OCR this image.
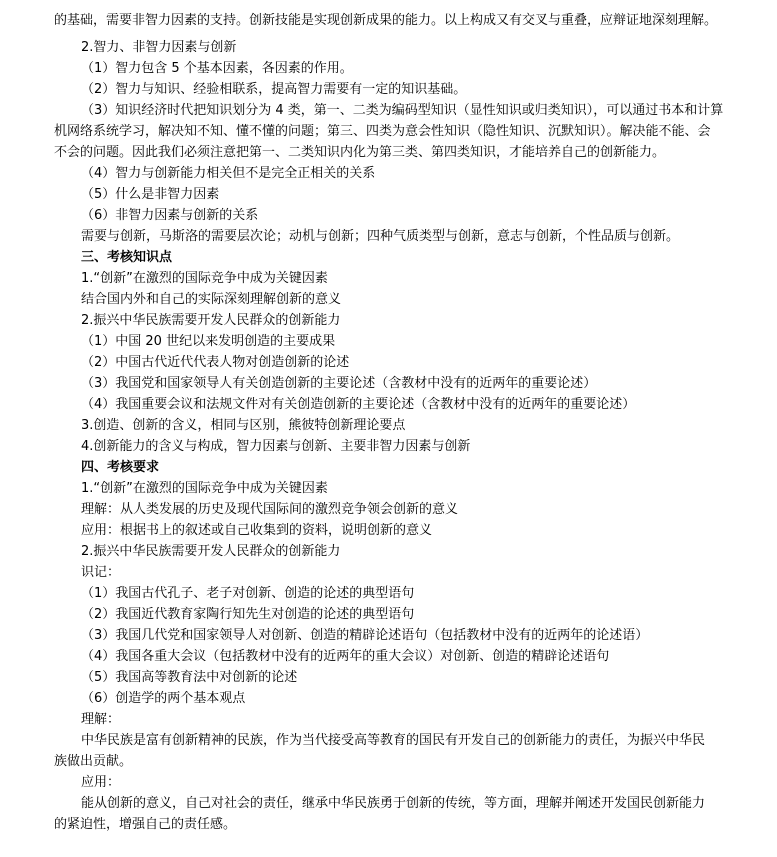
的基础，需要非智力因素的支持。创新技能是实现创新成果的能力。以上构成又有交叉与重叠，应辩证地深刻理解。

2.智力、非智力因素与创新

（1）智力包含 5 个基本因素，各因素的作用。

（2）智力与知识、经验相联系，提高智力需要有一定的知识基础。

（3）知识经济时代把知识划分为 4 类，第一、二类为编码型知识（显性知识或归类知识），可以通过书本和计算

机网络系统学习，解决知不知、懂不懂的问题；第三、四类为意会性知识（隐性知识、沉默知识）。解决能不能、会

不会的问题。因此我们必须注意把第一、二类知识内化为第三类、第四类知识，才能培养自己的创新能力。

（4）智力与创新能力相关但不是完全正相关的关系

（5）什么是非智力因素

（6）非智力因素与创新的关系

需要与创新，马斯洛的需要层次论；动机与创新；四种气质类型与创新，意志与创新，个性品质与创新。

三、考核知识点

1.“创新”在激烈的国际竞争中成为关键因素

结合国内外和自己的实际深刻理解创新的意义

2.振兴中华民族需要开发人民群众的创新能力

（1）中国 20 世纪以来发明创造的主要成果

（2）中国古代近代代表人物对创造创新的论述

（3）我国党和国家领导人有关创造创新的主要论述（含教材中没有的近两年的重要论述）

（4）我国重要会议和法规文件对有关创造创新的主要论述（含教材中没有的近两年的重要论述）

3.创造、创新的含义，相同与区别，熊彼特创新理论要点

4.创新能力的含义与构成，智力因素与创新、主要非智力因素与创新

四、考核要求

1.“创新”在激烈的国际竞争中成为关键因素

理解：从人类发展的历史及现代国际间的激烈竞争领会创新的意义

应用：根据书上的叙述或自己收集到的资料，说明创新的意义

2.振兴中华民族需要开发人民群众的创新能力

识记：

（1）我国古代孔子、老子对创新、创造的论述的典型语句

（2）我国近代教育家陶行知先生对创造的论述的典型语句

（3）我国几代党和国家领导人对创新、创造的精辟论述语句（包括教材中没有的近两年的论述语）

（4）我国各重大会议（包括教材中没有的近两年的重大会议）对创新、创造的精辟论述语句

（5）我国高等教育法中对创新的论述

（6）创造学的两个基本观点

理解：

中华民族是富有创新精神的民族，作为当代接受高等教育的国民有开发自己的创新能力的责任，为振兴中华民

族做出贡献。

应用：

能从创新的意义，自己对社会的责任，继承中华民族勇于创新的传统，等方面，理解并阐述开发国民创新能力

的紧迫性，增强自己的责任感。
